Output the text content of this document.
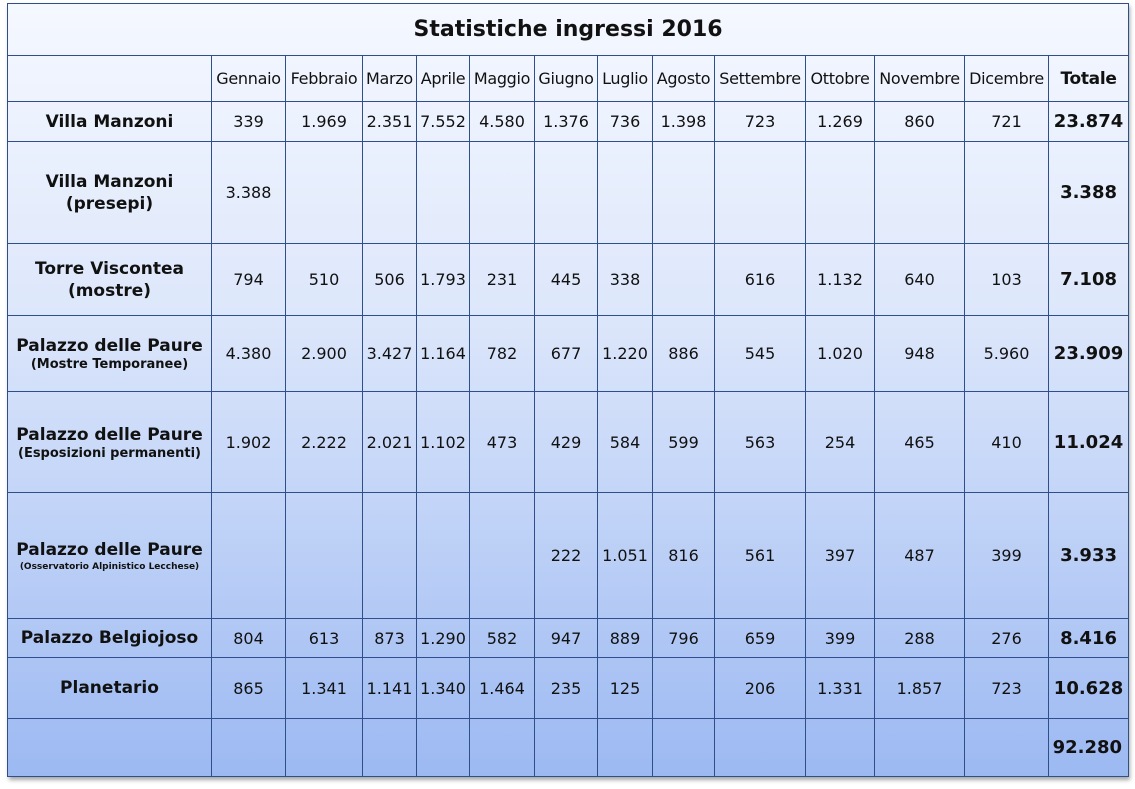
Statistiche ingressi 2016													
	Gennaio	Febbraio	Marzo	Aprile	Maggio	Giugno	Luglio	Agosto	Settembre	Ottobre	Novembre	Dicembre	Totale
Villa Manzoni	339	1.969	2.351	7.552	4.580	1.376	736	1.398	723	1.269	860	721	23.874
Villa Manzoni
(presepi)	3.388												3.388
Torre Viscontea
(mostre)	794	510	506	1.793	231	445	338		616	1.132	640	103	7.108
Palazzo delle Paure
(Mostre Temporanee)	4.380	2.900	3.427	1.164	782	677	1.220	886	545	1.020	948	5.960	23.909
Palazzo delle Paure
(Esposizioni permanenti)	1.902	2.222	2.021	1.102	473	429	584	599	563	254	465	410	11.024
Palazzo delle Paure
(Osservatorio Alpinistico Lecchese)						222	1.051	816	561	397	487	399	3.933
Palazzo Belgiojoso	804	613	873	1.290	582	947	889	796	659	399	288	276	8.416
Planetario	865	1.341	1.141	1.340	1.464	235	125		206	1.331	1.857	723	10.628
													92.280
